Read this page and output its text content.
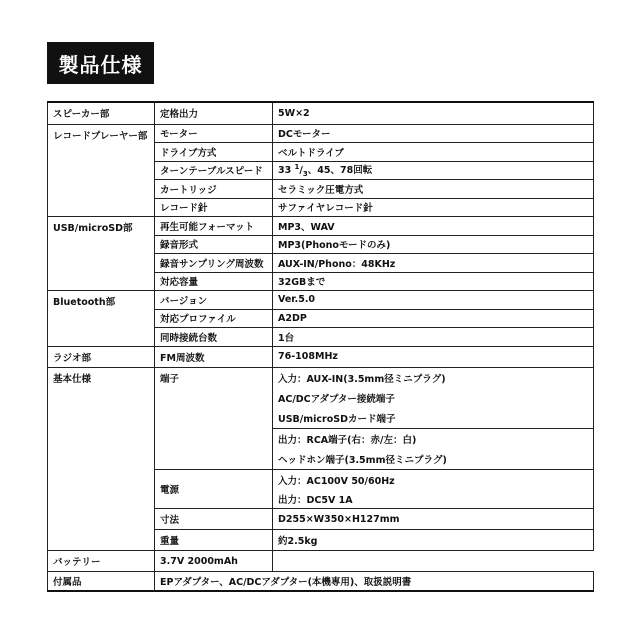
製品仕様
スピーカー部	定格出力	5W×2
レコードプレーヤー部	モーター	DCモーター
	ドライブ方式	ベルトドライブ
	ターンテーブルスピード	33 $^1/_3$、45、78回転
	カートリッジ	セラミック圧電方式
	レコード針	サファイヤレコード針
USB/microSD部	再生可能フォーマット	MP3、WAV
	録音形式	MP3(Phonoモードのみ)
	録音サンプリング周波数	AUX-IN/Phono：48KHz
	対応容量	32GBまで
Bluetooth部	バージョン	Ver.5.0
	対応プロファイル	A2DP
	同時接続台数	1台
ラジオ部	FM周波数	76-108MHz
基本仕様	端子	入力：AUX-IN(3.5mm径ミニプラグ)
		AC/DCアダプター接続端子
		USB/microSDカード端子
		出力：RCA端子(右：赤/左：白)
		ヘッドホン端子(3.5mm径ミニプラグ)
	電源	入力：AC100V 50/60Hz
		出力：DC5V 1A
	寸法	D255×W350×H127mm
	重量	約2.5kg
バッテリー	3.7V 2000mAh	
付属品	EPアダプター、AC/DCアダプター(本機専用)、取扱説明書	
